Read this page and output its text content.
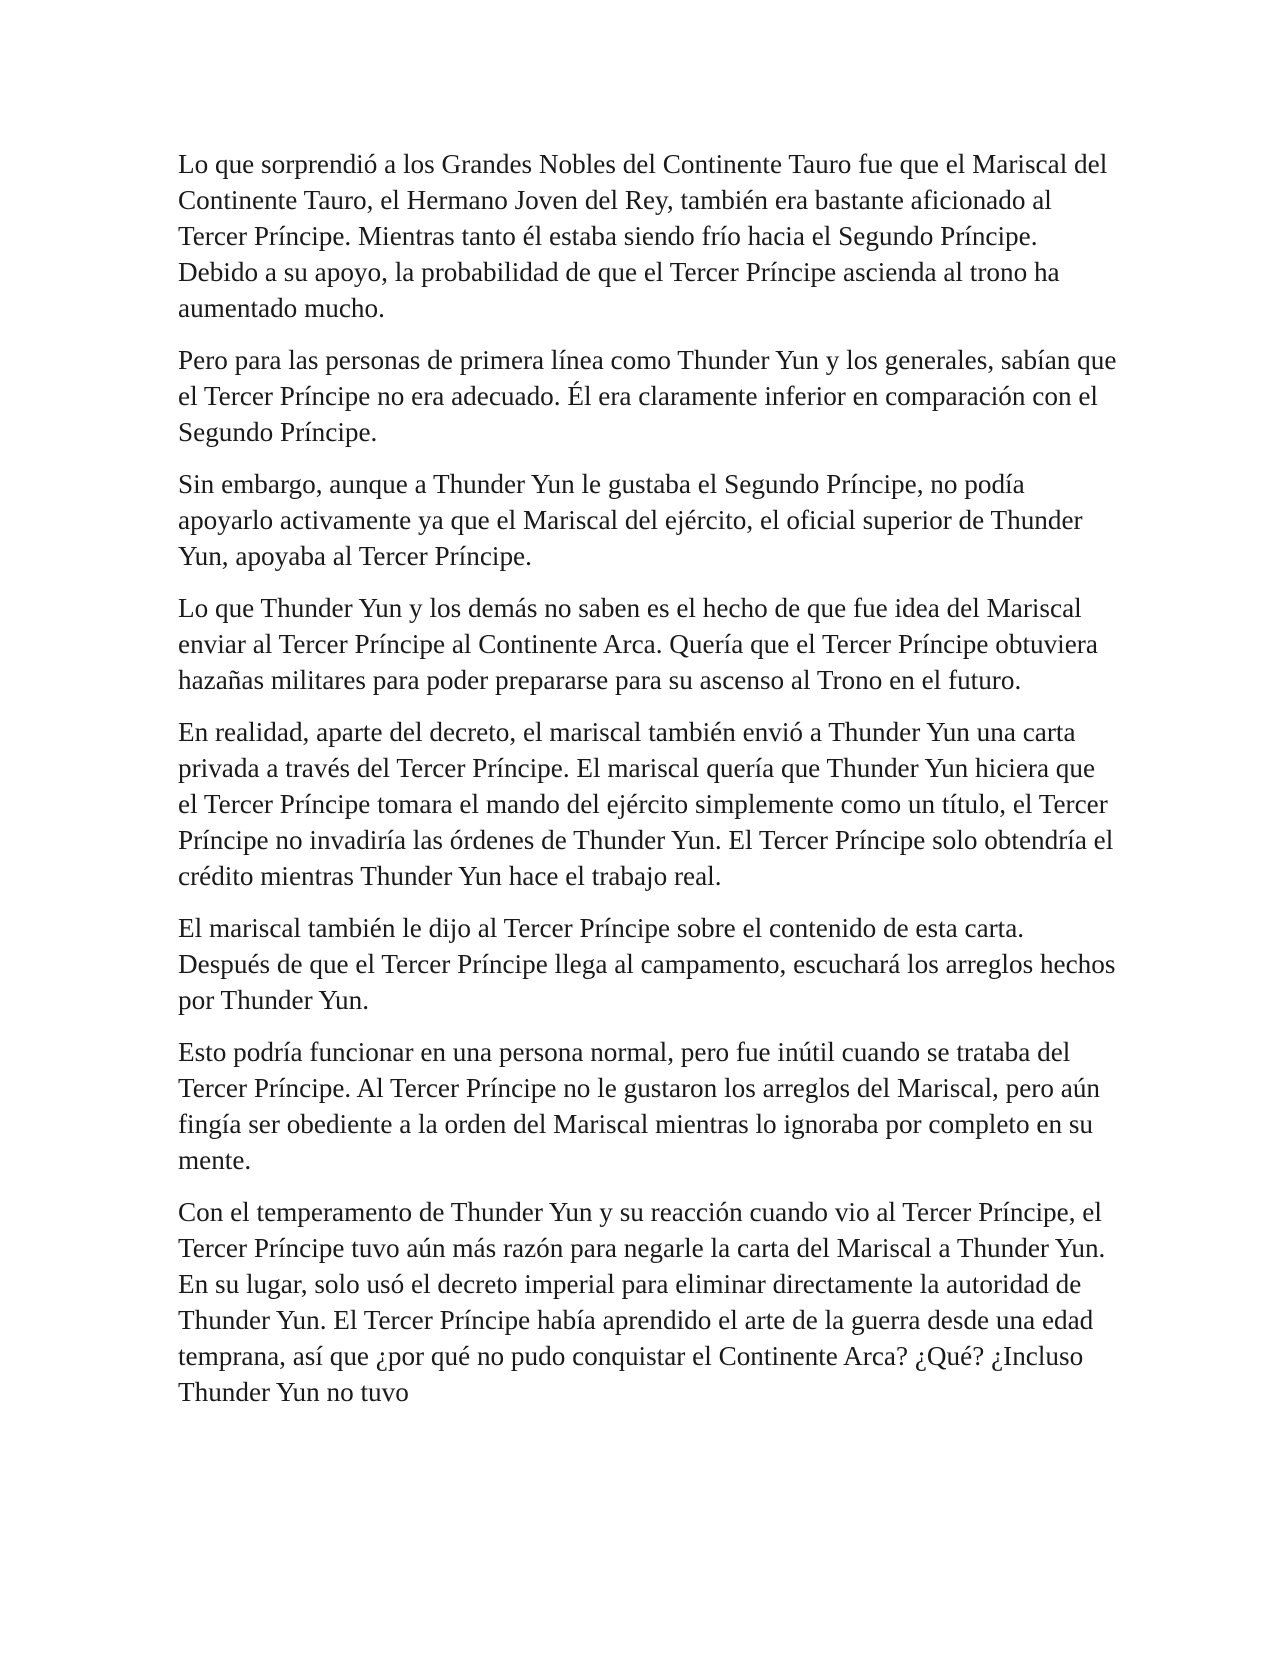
Lo que sorprendió a los Grandes Nobles del Continente Tauro fue que el Mariscal del Continente Tauro, el Hermano Joven del Rey, también era bastante aficionado al Tercer Príncipe. Mientras tanto él estaba siendo frío hacia el Segundo Príncipe. Debido a su apoyo, la probabilidad de que el Tercer Príncipe ascienda al trono ha aumentado mucho.

Pero para las personas de primera línea como Thunder Yun y los generales, sabían que el Tercer Príncipe no era adecuado. Él era claramente inferior en comparación con el Segundo Príncipe.

Sin embargo, aunque a Thunder Yun le gustaba el Segundo Príncipe, no podía apoyarlo activamente ya que el Mariscal del ejército, el oficial superior de Thunder Yun, apoyaba al Tercer Príncipe.

Lo que Thunder Yun y los demás no saben es el hecho de que fue idea del Mariscal enviar al Tercer Príncipe al Continente Arca. Quería que el Tercer Príncipe obtuviera hazañas militares para poder prepararse para su ascenso al Trono en el futuro.

En realidad, aparte del decreto, el mariscal también envió a Thunder Yun una carta privada a través del Tercer Príncipe. El mariscal quería que Thunder Yun hiciera que el Tercer Príncipe tomara el mando del ejército simplemente como un título, el Tercer Príncipe no invadiría las órdenes de Thunder Yun. El Tercer Príncipe solo obtendría el crédito mientras Thunder Yun hace el trabajo real.

El mariscal también le dijo al Tercer Príncipe sobre el contenido de esta carta. Después de que el Tercer Príncipe llega al campamento, escuchará los arreglos hechos por Thunder Yun.

Esto podría funcionar en una persona normal, pero fue inútil cuando se trataba del Tercer Príncipe. Al Tercer Príncipe no le gustaron los arreglos del Mariscal, pero aún fingía ser obediente a la orden del Mariscal mientras lo ignoraba por completo en su mente.

Con el temperamento de Thunder Yun y su reacción cuando vio al Tercer Príncipe, el Tercer Príncipe tuvo aún más razón para negarle la carta del Mariscal a Thunder Yun. En su lugar, solo usó el decreto imperial para eliminar directamente la autoridad de Thunder Yun. El Tercer Príncipe había aprendido el arte de la guerra desde una edad temprana, así que ¿por qué no pudo conquistar el Continente Arca? ¿Qué? ¿Incluso Thunder Yun no tuvo
